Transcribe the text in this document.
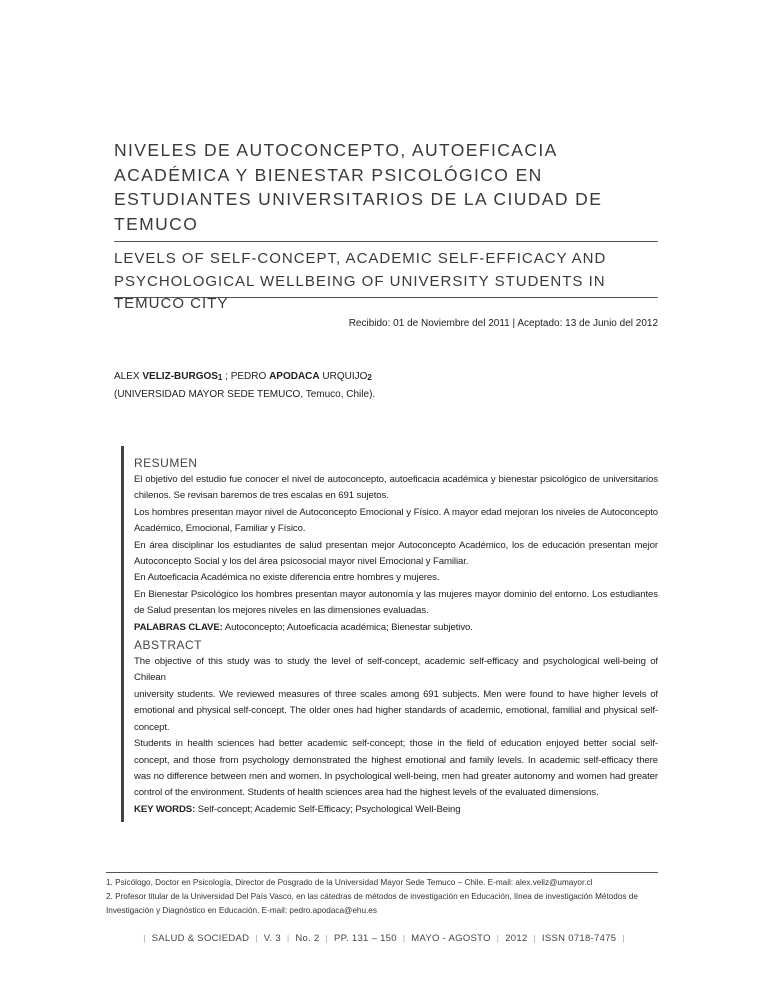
NIVELES DE AUTOCONCEPTO, AUTOEFICACIA ACADÉMICA Y BIENESTAR PSICOLÓGICO EN ESTUDIANTES UNIVERSITARIOS DE LA CIUDAD DE TEMUCO
LEVELS OF SELF-CONCEPT, ACADEMIC SELF-EFFICACY AND PSYCHOLOGICAL WELLBEING OF UNIVERSITY STUDENTS IN TEMUCO CITY
Recibido: 01 de Noviembre del 2011 | Aceptado: 13 de Junio del 2012
ALEX VELIZ-$BURGOS_1$ ; PEDRO APODACA $URQUIJO_2$
(UNIVERSIDAD MAYOR SEDE TEMUCO, Temuco, Chile).
RESUMEN

El objetivo del estudio fue conocer el nivel de autoconcepto, autoeficacia académica y bienestar psicológico de universitarios chilenos. Se revisan baremos de tres escalas en 691 sujetos.

Los hombres presentan mayor nivel de Autoconcepto Emocional y Físico. A mayor edad mejoran los niveles de Autoconcepto Académico, Emocional, Familiar y Físico.

En área disciplinar los estudiantes de salud presentan mejor Autoconcepto Académico, los de educación presentan mejor Autoconcepto Social y los del área psicosocial mayor nivel Emocional y Familiar.

En Autoeficacia Académica no existe diferencia entre hombres y mujeres.

En Bienestar Psicológico los hombres presentan mayor autonomía y las mujeres mayor dominio del entorno. Los estudiantes de Salud presentan los mejores niveles en las dimensiones evaluadas.

PALABRAS CLAVE: Autoconcepto; Autoeficacia académica; Bienestar subjetivo.

ABSTRACT

The objective of this study was to study the level of self-concept, academic self-efficacy and psychological well-being of Chilean

university students. We reviewed measures of three scales among 691 subjects. Men were found to have higher levels of emotional and physical self-concept. The older ones had higher standards of academic, emotional, familial and physical self-concept.

Students in health sciences had better academic self-concept; those in the field of education enjoyed better social self-concept, and those from psychology demonstrated the highest emotional and family levels. In academic self-efficacy there was no difference between men and women. In psychological well-being, men had greater autonomy and women had greater control of the environment. Students of health sciences area had the highest levels of the evaluated dimensions.

KEY WORDS: Self-concept; Academic Self-Efficacy; Psychological Well-Being

1. Psicólogo, Doctor en Psicología, Director de Posgrado de la Universidad Mayor Sede Temuco – Chile. E-mail: alex.veliz@umayor.cl

2. Profesor titular de la Universidad Del País Vasco, en las cátedras de métodos de investigación en Educación, línea de investigación Métodos de Investigación y Diagnóstico en Educación. E-mail: pedro.apodaca@ehu.es

| SALUD & SOCIEDAD | V. 3 | No. 2 | PP. 131 – 150 | MAYO - AGOSTO | 2012 | ISSN 0718-7475 |
